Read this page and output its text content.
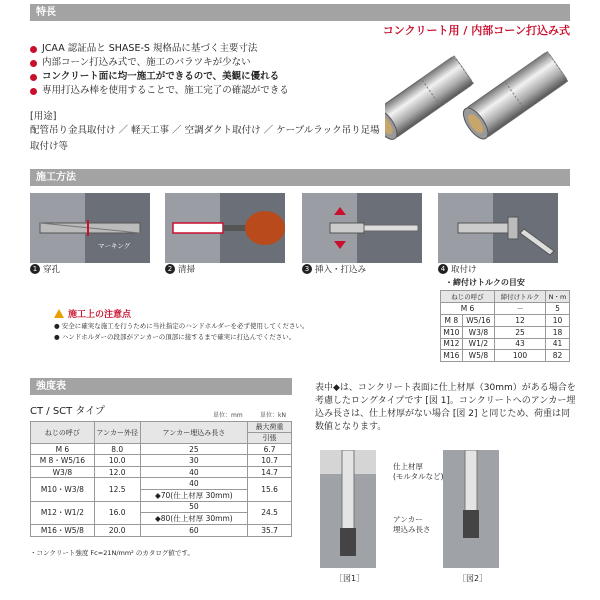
特長
コンクリート用 / 内部コーン打込み式
JCAA 認証品と SHASE-S 規格品に基づく主要寸法
内部コーン打込み式で、施工のバラツキが少ない
コンクリート面に均一施工ができるので、美観に優れる
専用打込み棒を使用することで、施工完了の確認ができる
[用途]
配管吊り金具取付け ／ 軽天工事 ／ 空調ダクト取付け ／ ケーブルラック吊り足場取付け等
施工方法
マーキング
1 穿孔	2 清掃	3 挿入・打込み	4 取付け
施工上の注意点
● 安全に確実な施工を行うために当社指定のハンドホルダーを必ず使用してください。
● ハンドホルダーの段部がアンカーの頂部に接するまで確実に打込んでください。
・締付けトルクの目安
ねじの呼び		締付けトルク	N・m
M 6		－	5
M 8	W5/16	12	10
M10	W3/8	25	18
M12	W1/2	43	41
M16	W5/8	100	82
強度表
CT / SCT タイプ	単位：mm	単位：kN
ねじの呼び	アンカー外径	アンカー埋込み長さ	最大荷重
			引張
M 6	8.0	25	6.7
M 8・W5/16	10.0	30	10.7
W3/8	12.0	40	14.7
M10・W3/8	12.5	40	15.6
		◆70(仕上材厚 30mm)	
M12・W1/2	16.0	50	24.5
		◆80(仕上材厚 30mm)	
M16・W5/8	20.0	60	35.7
・コンクリート強度 Fc=21N/mm² のカタログ値です。
表中◆は、コンクリート表面に仕上材厚（30mm）がある場合を考慮したロングタイプです [図 1]。コンクリートへのアンカー埋込み長さは、仕上材厚がない場合 [図 2] と同じため、荷重は同数値となります。
仕上材厚
(モルタルなど)
アンカー
埋込み長さ
［図1］	［図2］
